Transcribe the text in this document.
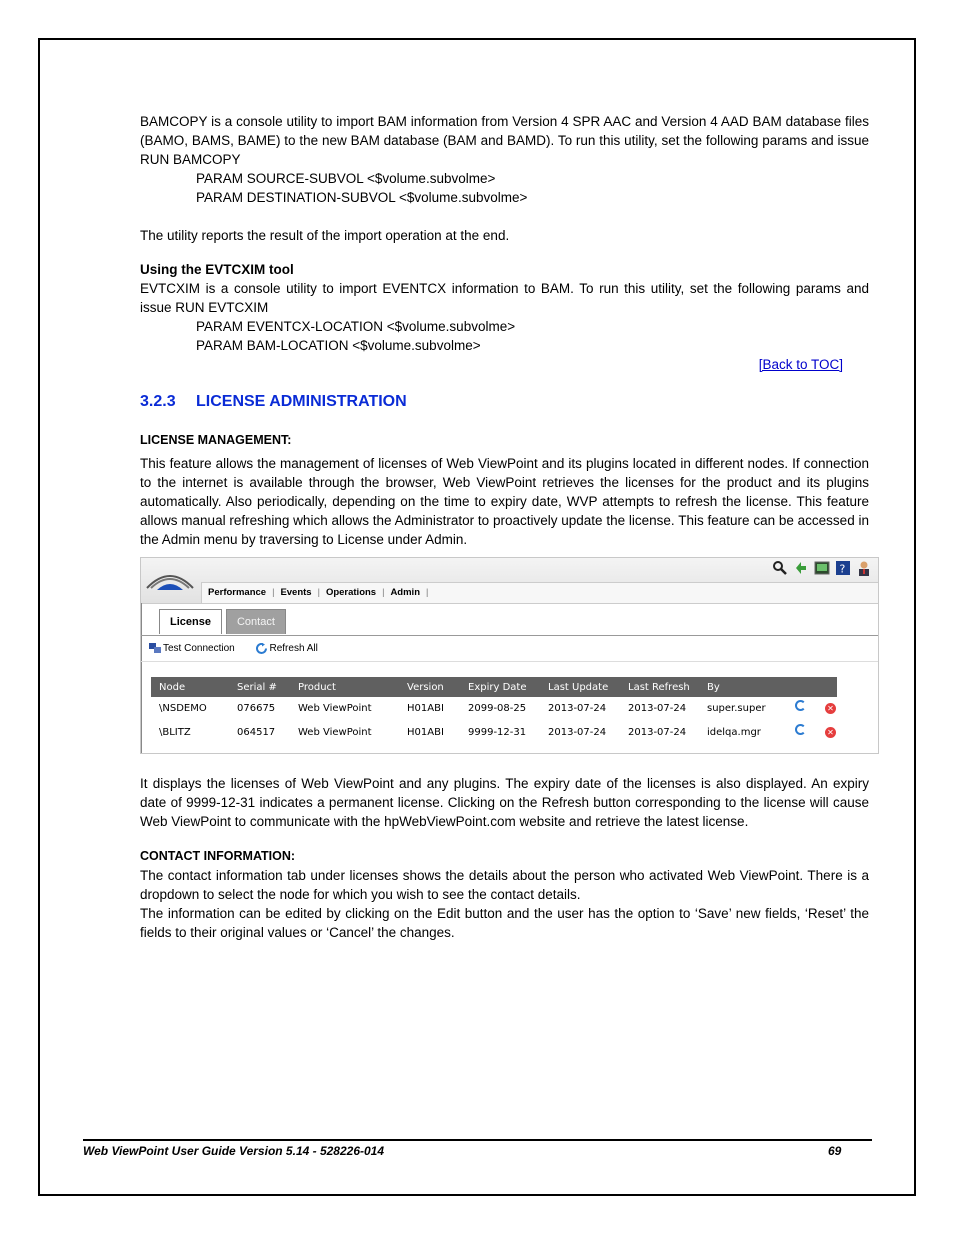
BAMCOPY is a console utility to import BAM information from Version 4 SPR AAC and Version 4 AAD BAM database files (BAMO, BAMS, BAME) to the new BAM database (BAM and BAMD). To run this utility, set the following params and issue RUN BAMCOPY

PARAM SOURCE-SUBVOL <$volume.subvolme>

PARAM DESTINATION-SUBVOL <$volume.subvolme>

The utility reports the result of the import operation at the end.

Using the EVTCXIM tool

EVTCXIM is a console utility to import EVENTCX information to BAM. To run this utility, set the following params and issue RUN EVTCXIM

PARAM EVENTCX-LOCATION <$volume.subvolme>

PARAM BAM-LOCATION <$volume.subvolme>

[Back to TOC]

3.2.3 LICENSE ADMINISTRATION

LICENSE MANAGEMENT:

This feature allows the management of licenses of Web ViewPoint and its plugins located in different nodes. If connection to the internet is available through the browser, Web ViewPoint retrieves the licenses for the product and its plugins automatically. Also periodically, depending on the time to expiry date, WVP attempts to refresh the license. This feature allows manual refreshing which allows the Administrator to proactively update the license. This feature can be accessed in the Admin menu by traversing to License under Admin.

?
Performance | Events | Operations | Admin |
License Contact
Test Connection
	Refresh All
Node	Serial #	Product	Version	Expiry Date	Last Update	Last Refresh	By		
\NSDEMO	076675	Web ViewPoint	H01ABI	2099-08-25	2013-07-24	2013-07-24	super.super		✕
\BLITZ	064517	Web ViewPoint	H01ABI	9999-12-31	2013-07-24	2013-07-24	idelqa.mgr		✕

It displays the licenses of Web ViewPoint and any plugins. The expiry date of the licenses is also displayed. An expiry date of 9999-12-31 indicates a permanent license. Clicking on the Refresh button corresponding to the license will cause Web ViewPoint to communicate with the hpWebViewPoint.com website and retrieve the latest license.

CONTACT INFORMATION:

The contact information tab under licenses shows the details about the person who activated Web ViewPoint. There is a dropdown to select the node for which you wish to see the contact details.

The information can be edited by clicking on the Edit button and the user has the option to ‘Save’ new fields, ‘Reset’ the fields to their original values or ‘Cancel’ the changes.

Web ViewPoint User Guide Version 5.14 - 528226-014	69
